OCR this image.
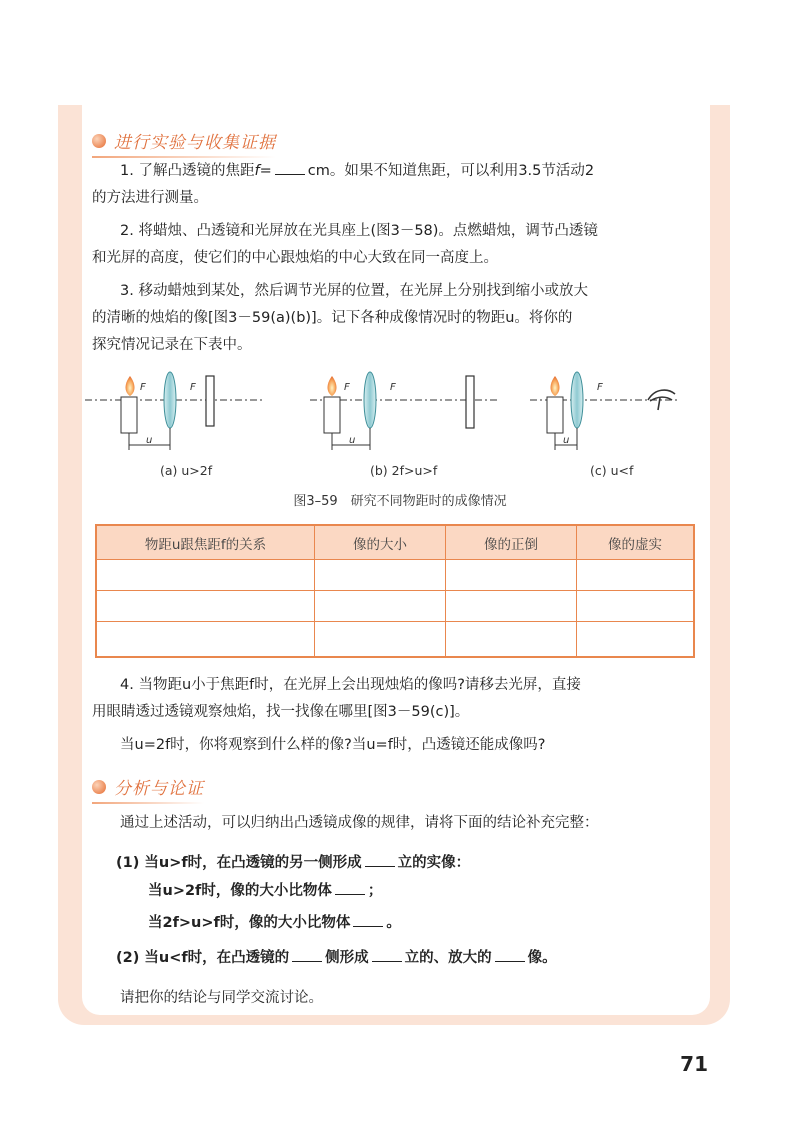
进行实验与收集证据
1. 了解凸透镜的焦距f= cm。如果不知道焦距，可以利用3.5节活动2
的方法进行测量。
2. 将蜡烛、凸透镜和光屏放在光具座上(图3－58)。点燃蜡烛，调节凸透镜
和光屏的高度，使它们的中心跟烛焰的中心大致在同一高度上。
3. 移动蜡烛到某处，然后调节光屏的位置，在光屏上分别找到缩小或放大
的清晰的烛焰的像[图3－59(a)(b)]。记下各种成像情况时的物距u。将你的
探究情况记录在下表中。
F	F
u
F	F
u
F
u
(a) u>2f	(b) 2f>u>f	(c) u<f
图3–59　研究不同物距时的成像情况
物距u跟焦距f的关系	像的大小	像的正倒	像的虚实

4. 当物距u小于焦距f时，在光屏上会出现烛焰的像吗?请移去光屏，直接
用眼睛透过透镜观察烛焰，找一找像在哪里[图3－59(c)]。
当u=2f时，你将观察到什么样的像?当u=f时，凸透镜还能成像吗?
分析与论证
通过上述活动，可以归纳出凸透镜成像的规律，请将下面的结论补充完整：
(1) 当u>f时，在凸透镜的另一侧形成 立的实像：
当u>2f时，像的大小比物体 ；
当2f>u>f时，像的大小比物体 。
(2) 当u<f时，在凸透镜的 侧形成 立的、放大的 像。
请把你的结论与同学交流讨论。
71
